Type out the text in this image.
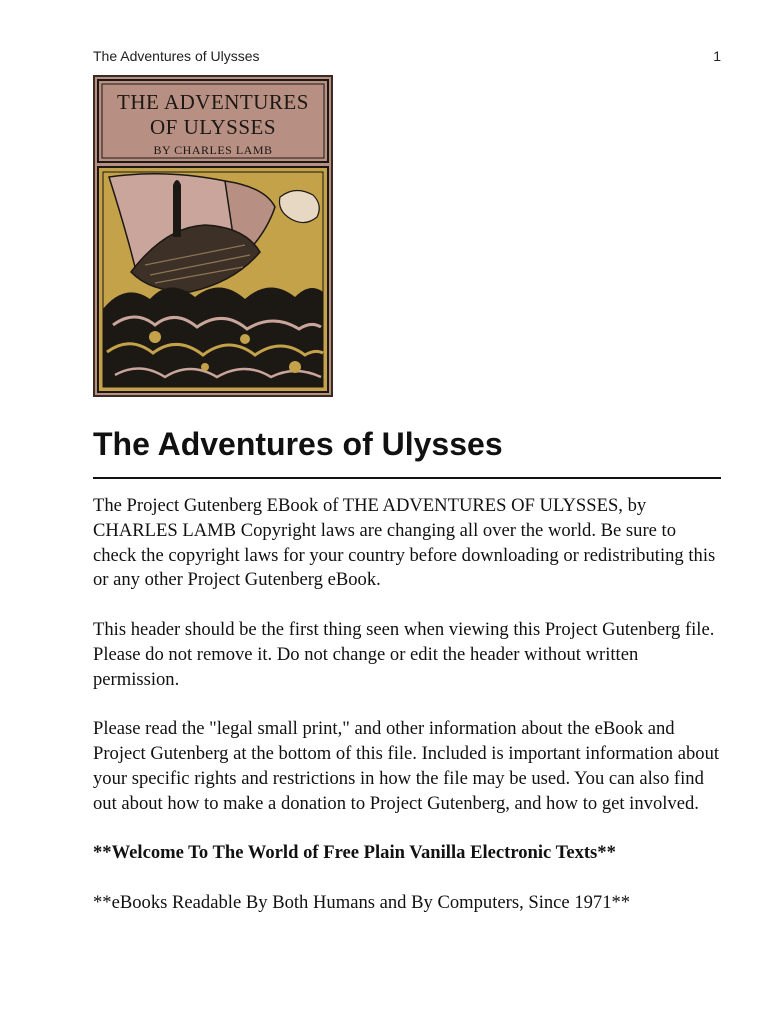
The Adventures of Ulysses	1
THE ADVENTURES
OF ULYSSES
BY CHARLES LAMB
The Adventures of Ulysses

The Project Gutenberg EBook of THE ADVENTURES OF ULYSSES, by CHARLES LAMB Copyright laws are changing all over the world. Be sure to check the copyright laws for your country before downloading or redistributing this or any other Project Gutenberg eBook.

This header should be the first thing seen when viewing this Project Gutenberg file. Please do not remove it. Do not change or edit the header without written permission.

Please read the "legal small print," and other information about the eBook and Project Gutenberg at the bottom of this file. Included is important information about your specific rights and restrictions in how the file may be used. You can also find out about how to make a donation to Project Gutenberg, and how to get involved.

**Welcome To The World of Free Plain Vanilla Electronic Texts**

**eBooks Readable By Both Humans and By Computers, Since 1971**
